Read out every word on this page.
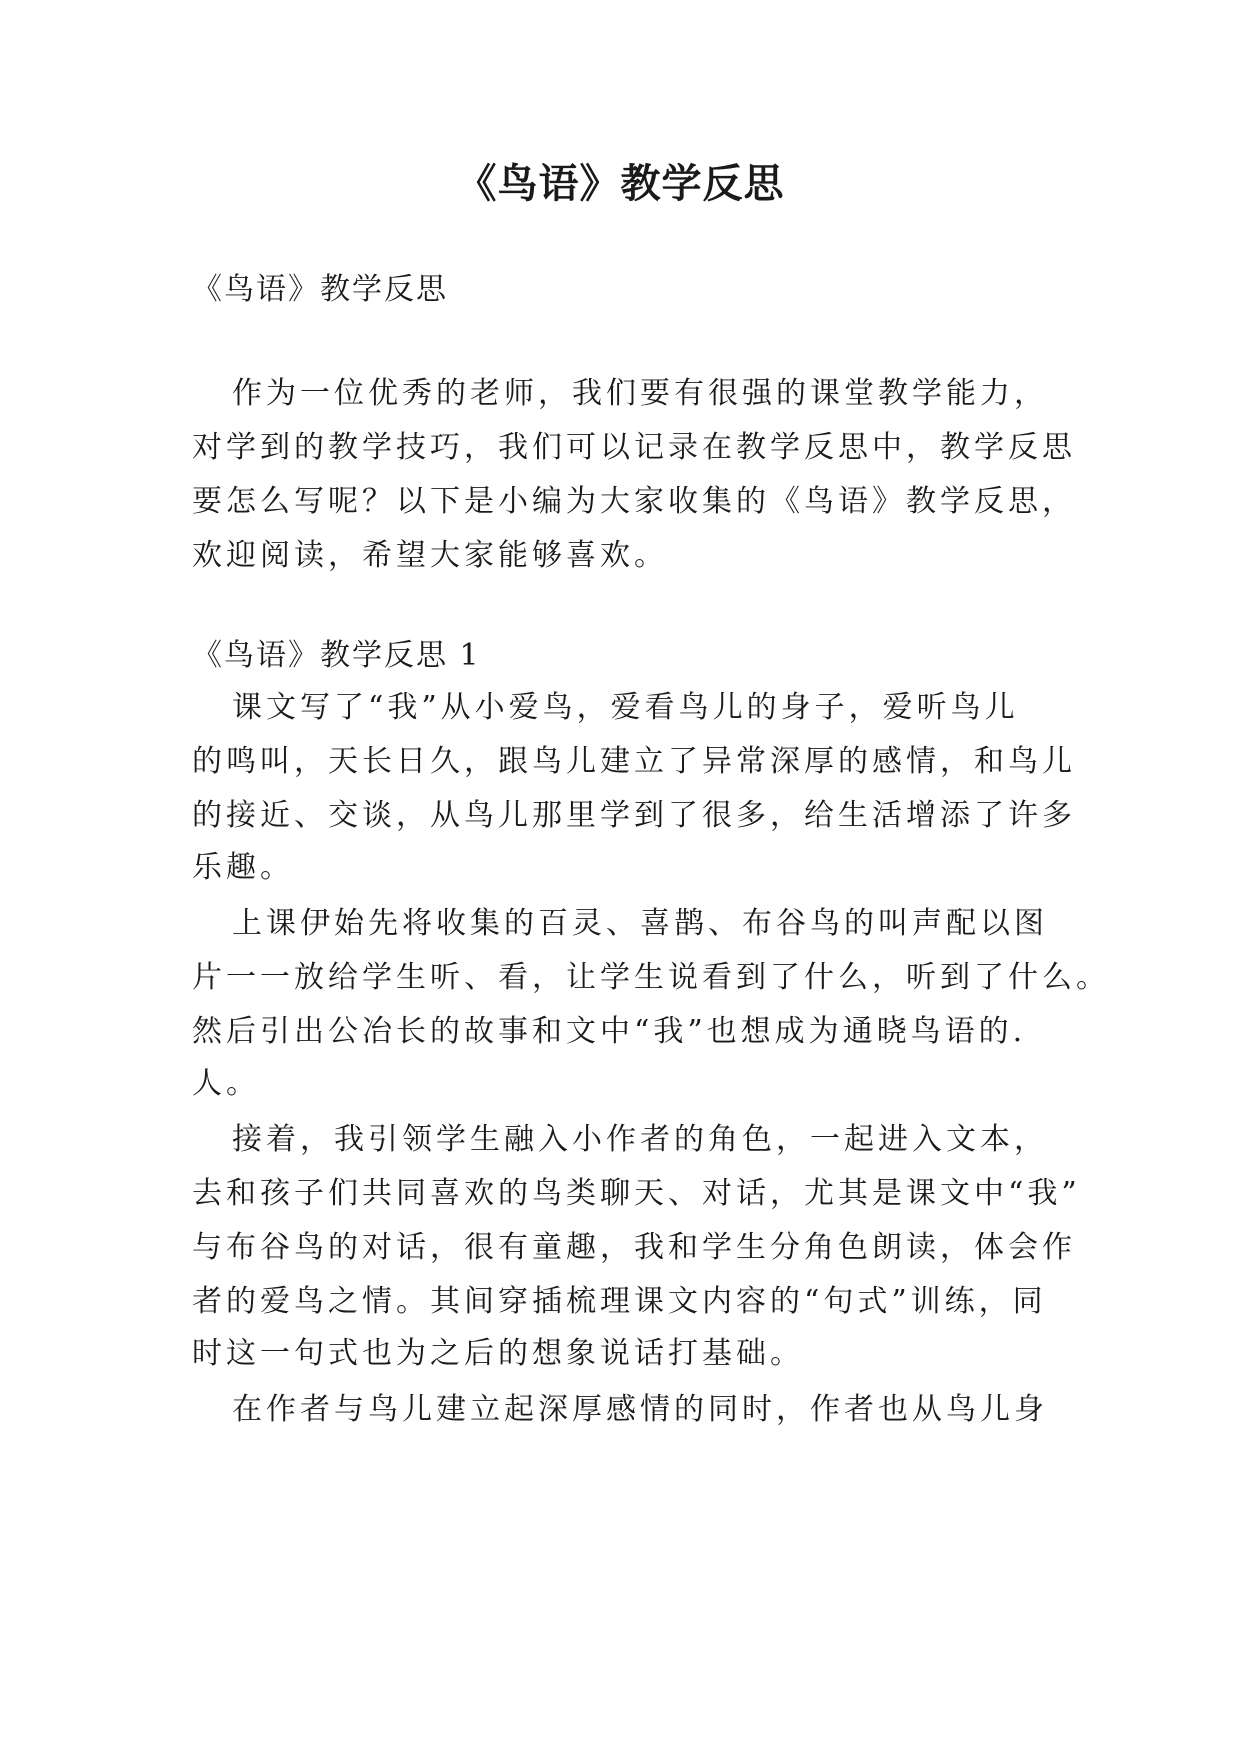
《鸟语》教学反思
《鸟语》教学反思
作为一位优秀的老师，我们要有很强的课堂教学能力，
对学到的教学技巧，我们可以记录在教学反思中，教学反思
要怎么写呢？以下是小编为大家收集的《鸟语》教学反思，
欢迎阅读，希望大家能够喜欢。
《鸟语》教学反思 1
课文写了“我”从小爱鸟，爱看鸟儿的身子，爱听鸟儿
的鸣叫，天长日久，跟鸟儿建立了异常深厚的感情，和鸟儿
的接近、交谈，从鸟儿那里学到了很多，给生活增添了许多
乐趣。
上课伊始先将收集的百灵、喜鹊、布谷鸟的叫声配以图
片一一放给学生听、看，让学生说看到了什么，听到了什么。
然后引出公冶长的故事和文中“我”也想成为通晓鸟语的.
人。
接着，我引领学生融入小作者的角色，一起进入文本，
去和孩子们共同喜欢的鸟类聊天、对话，尤其是课文中“我”
与布谷鸟的对话，很有童趣，我和学生分角色朗读，体会作
者的爱鸟之情。其间穿插梳理课文内容的“句式”训练，同
时这一句式也为之后的想象说话打基础。
在作者与鸟儿建立起深厚感情的同时，作者也从鸟儿身
